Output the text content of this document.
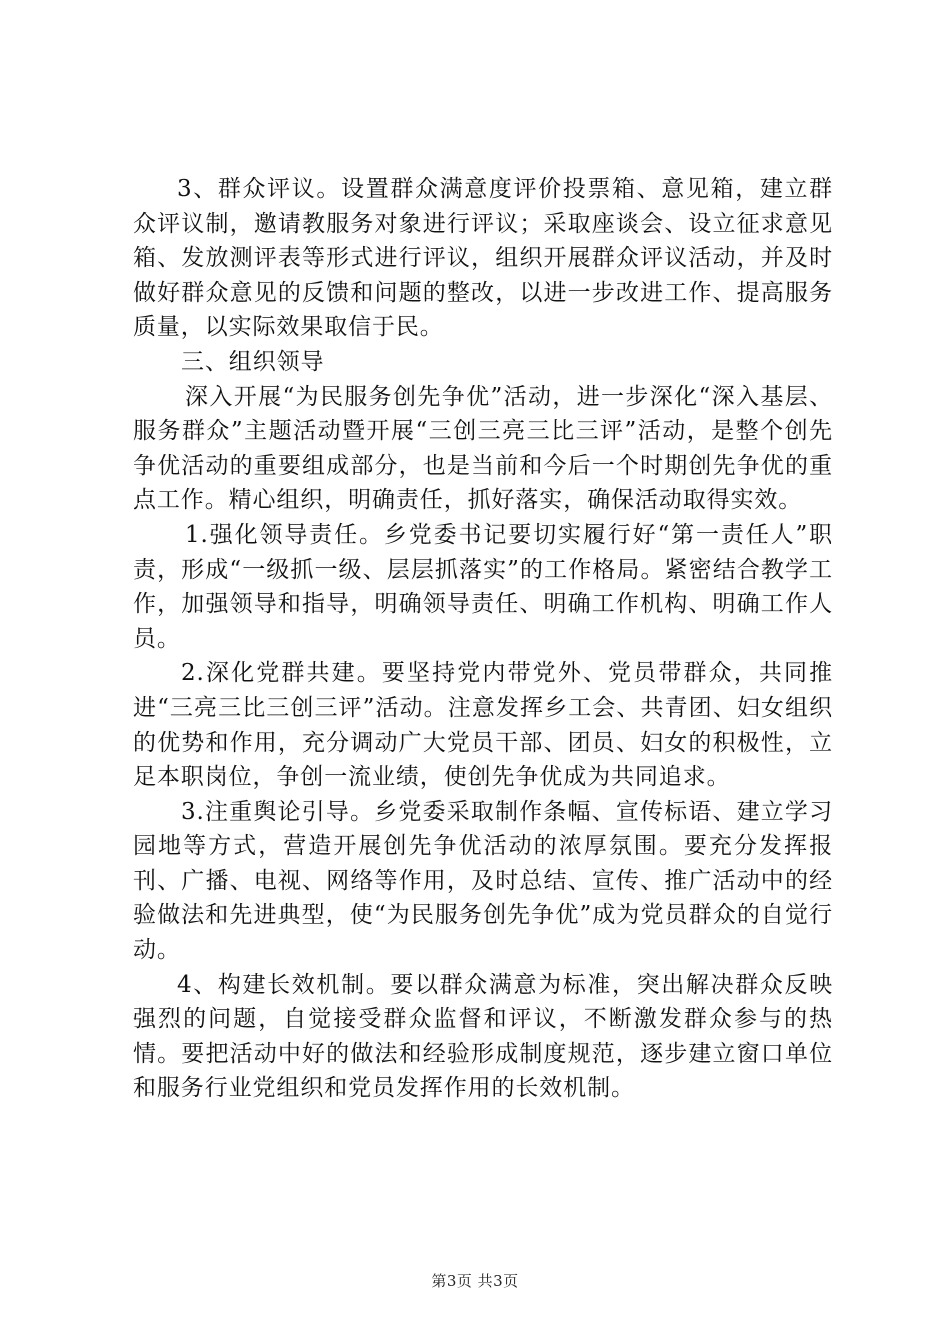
3、群众评议。设置群众满意度评价投票箱、意见箱，建立群众评议制，邀请教服务对象进行评议；采取座谈会、设立征求意见箱、发放测评表等形式进行评议，组织开展群众评议活动，并及时做好群众意见的反馈和问题的整改，以进一步改进工作、提高服务质量，以实际效果取信于民。

三、组织领导

深入开展“为民服务创先争优”活动，进一步深化“深入基层、服务群众”主题活动暨开展“三创三亮三比三评”活动，是整个创先争优活动的重要组成部分，也是当前和今后一个时期创先争优的重点工作。精心组织，明确责任，抓好落实，确保活动取得实效。

1.强化领导责任。乡党委书记要切实履行好“第一责任人”职责，形成“一级抓一级、层层抓落实”的工作格局。紧密结合教学工作，加强领导和指导，明确领导责任、明确工作机构、明确工作人员。

2.深化党群共建。要坚持党内带党外、党员带群众，共同推进“三亮三比三创三评”活动。注意发挥乡工会、共青团、妇女组织的优势和作用，充分调动广大党员干部、团员、妇女的积极性，立足本职岗位，争创一流业绩，使创先争优成为共同追求。

3.注重舆论引导。乡党委采取制作条幅、宣传标语、建立学习园地等方式，营造开展创先争优活动的浓厚氛围。要充分发挥报刊、广播、电视、网络等作用，及时总结、宣传、推广活动中的经验做法和先进典型，使“为民服务创先争优”成为党员群众的自觉行动。

4、构建长效机制。要以群众满意为标准，突出解决群众反映强烈的问题，自觉接受群众监督和评议，不断激发群众参与的热情。要把活动中好的做法和经验形成制度规范，逐步建立窗口单位和服务行业党组织和党员发挥作用的长效机制。

第3页 共3页
